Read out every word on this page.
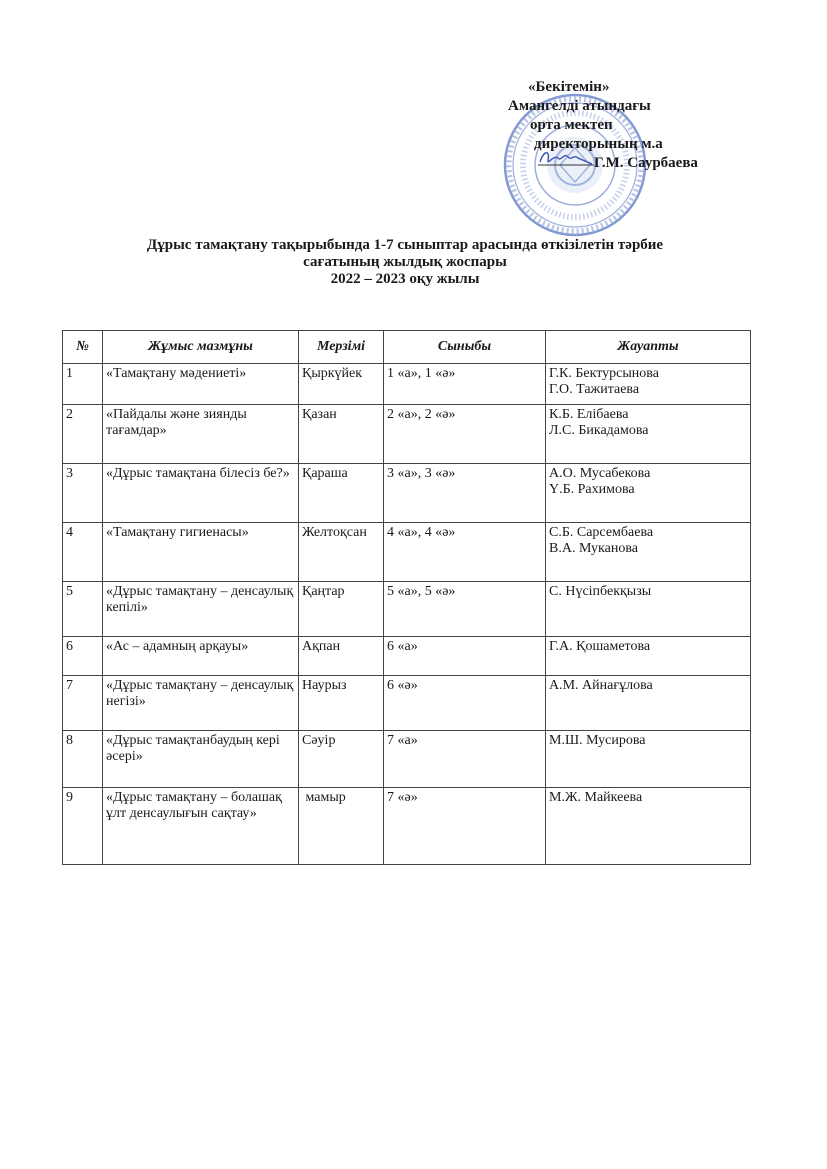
«Бекітемін»
Амангелді атындағы
орта мектеп
директорының м.а
Г.М. Саурбаева
Дұрыс тамақтану тақырыбында 1-7 сыныптар арасында өткізілетін тәрбие
сағатының жылдық жоспары
2022 – 2023 оқу жылы
№	Жұмыс мазмұны	Мерзімі	Сыныбы	Жауапты
1	«Тамақтану мәдениеті»	Қыркүйек	1 «а», 1 «ә»	Г.К. Бектурсынова
Г.О. Тажитаева

2	«Пайдалы және зиянды тағамдар»	Қазан	2 «а», 2 «ә»	К.Б. Елібаева
Л.С. Бикадамова

3	«Дұрыс тамақтана білесіз бе?»	Қараша	3 «а», 3 «ә»	А.О. Мусабекова
Ү.Б. Рахимова

4	«Тамақтану гигиенасы»	Желтоқсан	4 «а», 4 «ә»	С.Б. Сарсембаева
В.А. Муканова

5	«Дұрыс тамақтану – денсаулық кепілі»	Қаңтар	5 «а», 5 «ә»	С. Нүсіпбекқызы

6	«Ас – адамның арқауы»	Ақпан	6 «а»	Г.А. Қошаметова

7	«Дұрыс тамақтану – денсаулық негізі»	Наурыз	6 «ә»	А.М. Айнағұлова

8	«Дұрыс тамақтанбаудың кері әсері»	Сәуір	7 «а»	М.Ш. Мусирова

9	«Дұрыс тамақтану – болашақ ұлт денсаулығын сақтау»	мамыр	7 «ә»	М.Ж. Майкеева
